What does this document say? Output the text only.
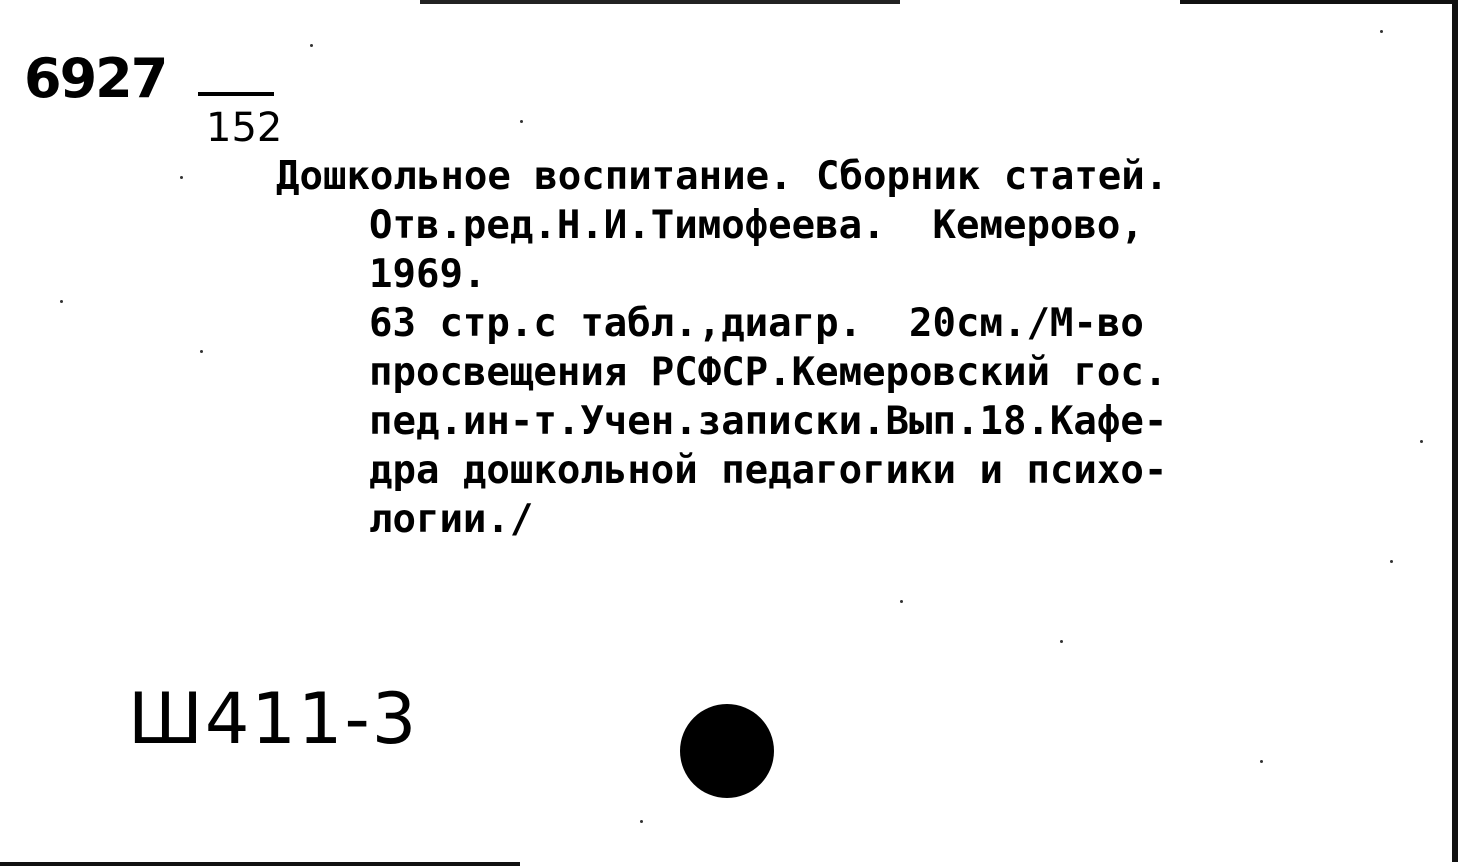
6927
152
Дошкольное воспитание. Сборник статей.
Отв.ред.Н.И.Тимофеева.  Кемерово,
1969.
63 стр.с табл.,диагр.  20см./М-во
просвещения РСФСР.Кемеровский гос.
пед.ин-т.Учен.записки.Вып.18.Кафе-
дра дошкольной педагогики и психо-
логии./
Ш411-3
